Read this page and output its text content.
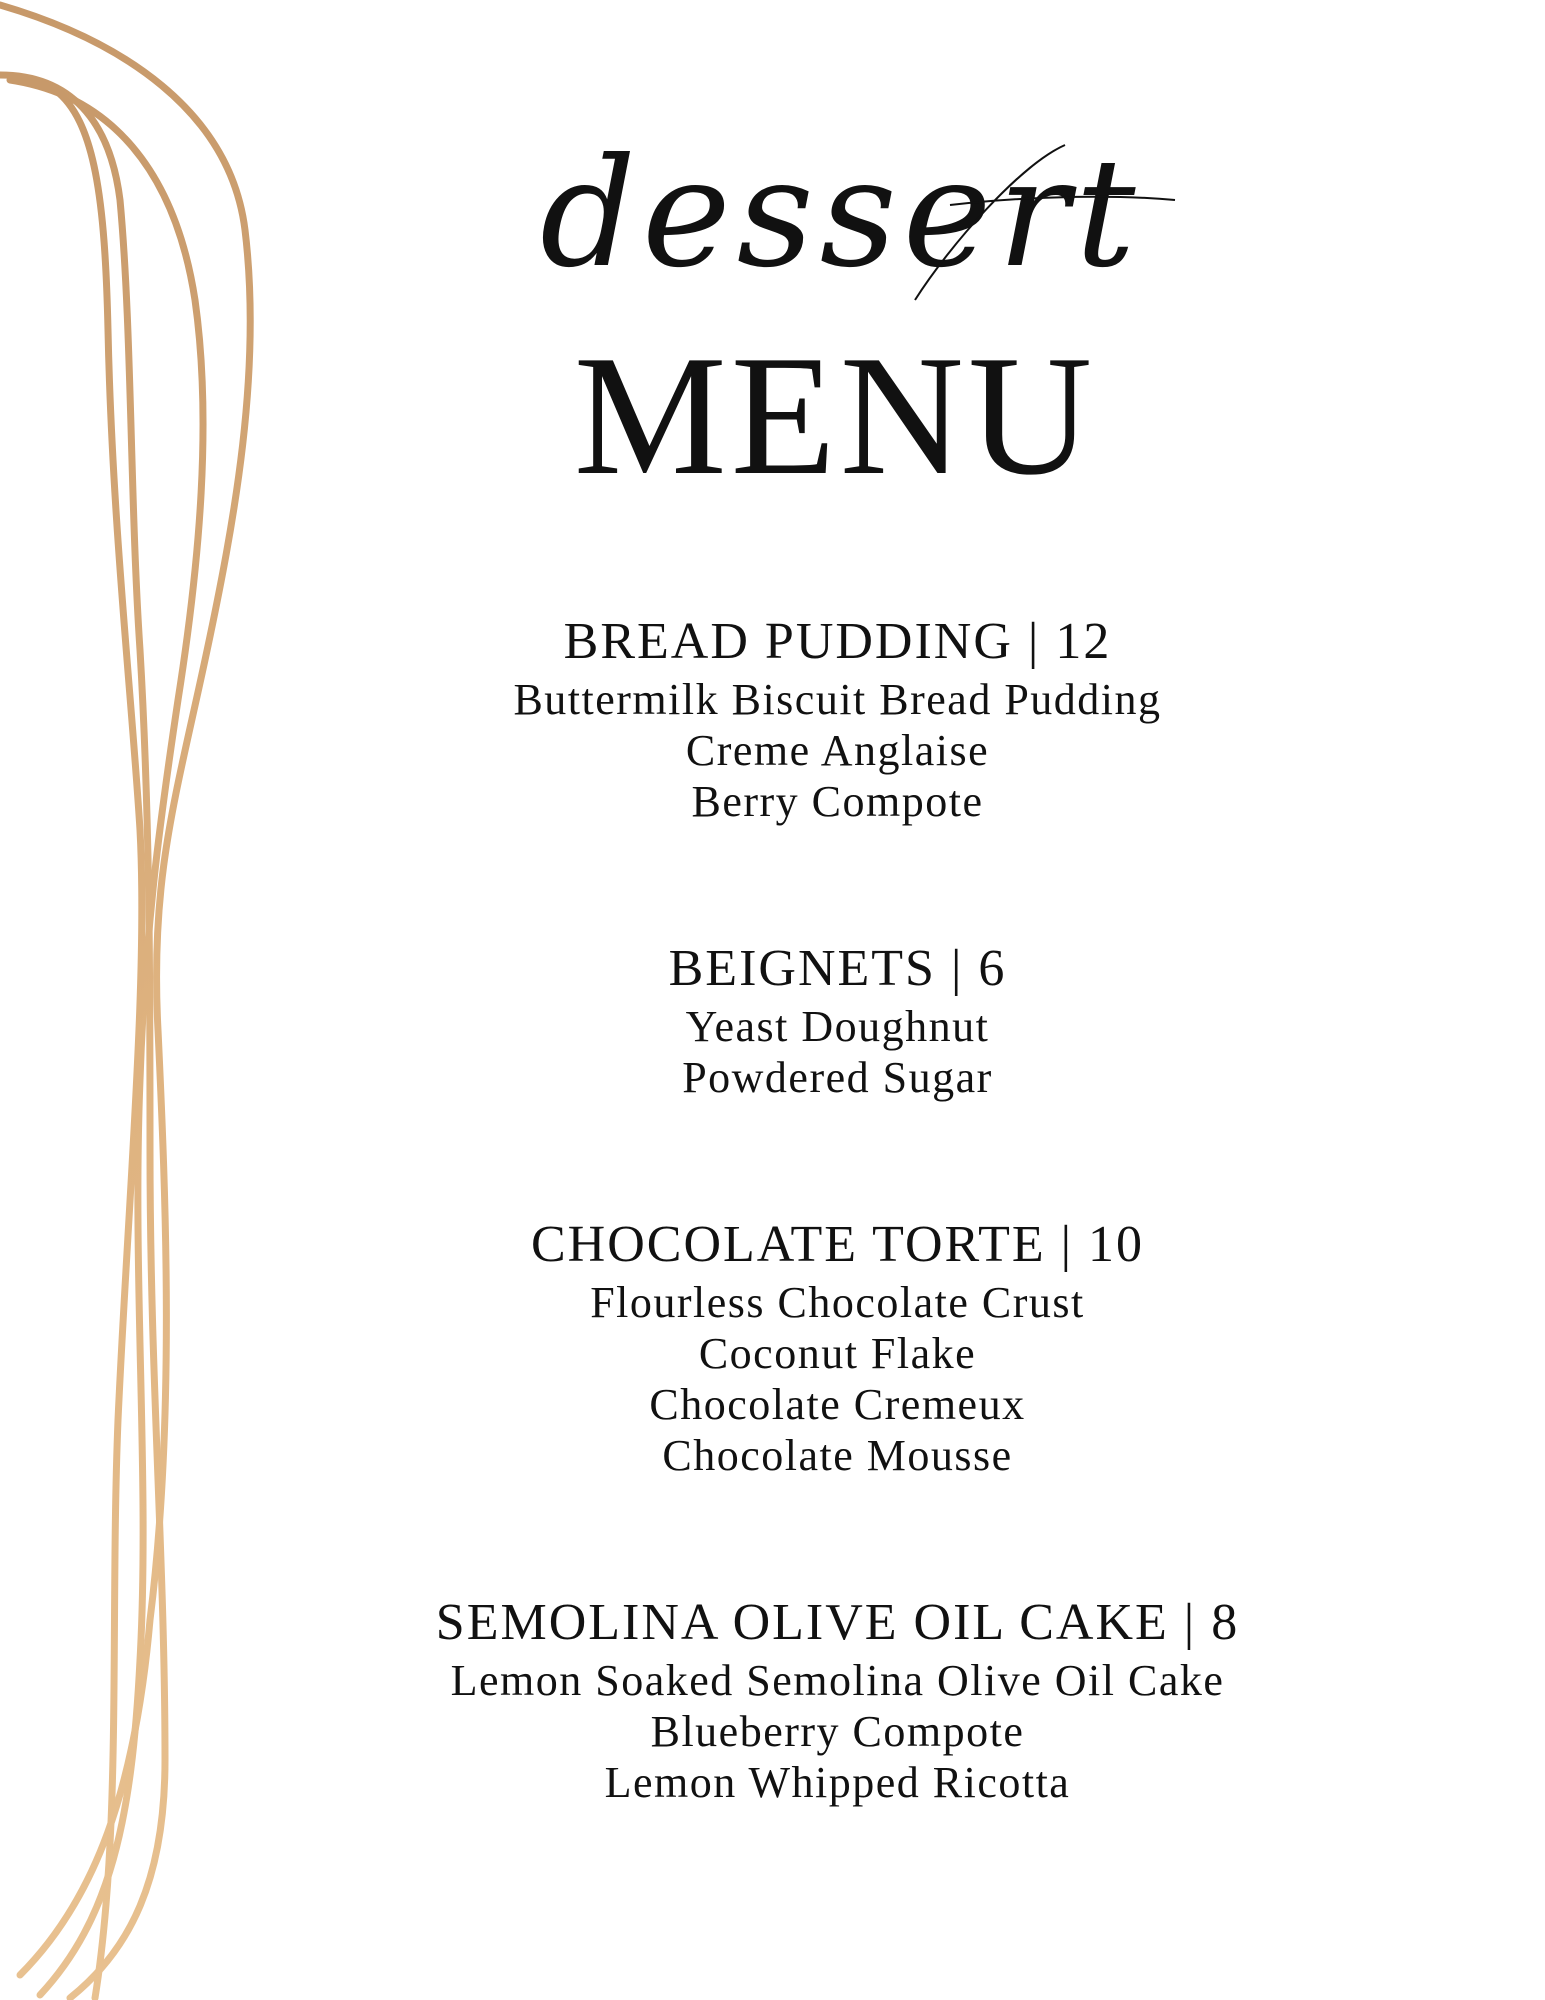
dessert
MENU
BREAD PUDDING | 12
Buttermilk Biscuit Bread Pudding
Creme Anglaise
Berry Compote
BEIGNETS | 6
Yeast Doughnut
Powdered Sugar
CHOCOLATE TORTE | 10
Flourless Chocolate Crust
Coconut Flake
Chocolate Cremeux
Chocolate Mousse
SEMOLINA OLIVE OIL CAKE | 8
Lemon Soaked Semolina Olive Oil Cake
Blueberry Compote
Lemon Whipped Ricotta
